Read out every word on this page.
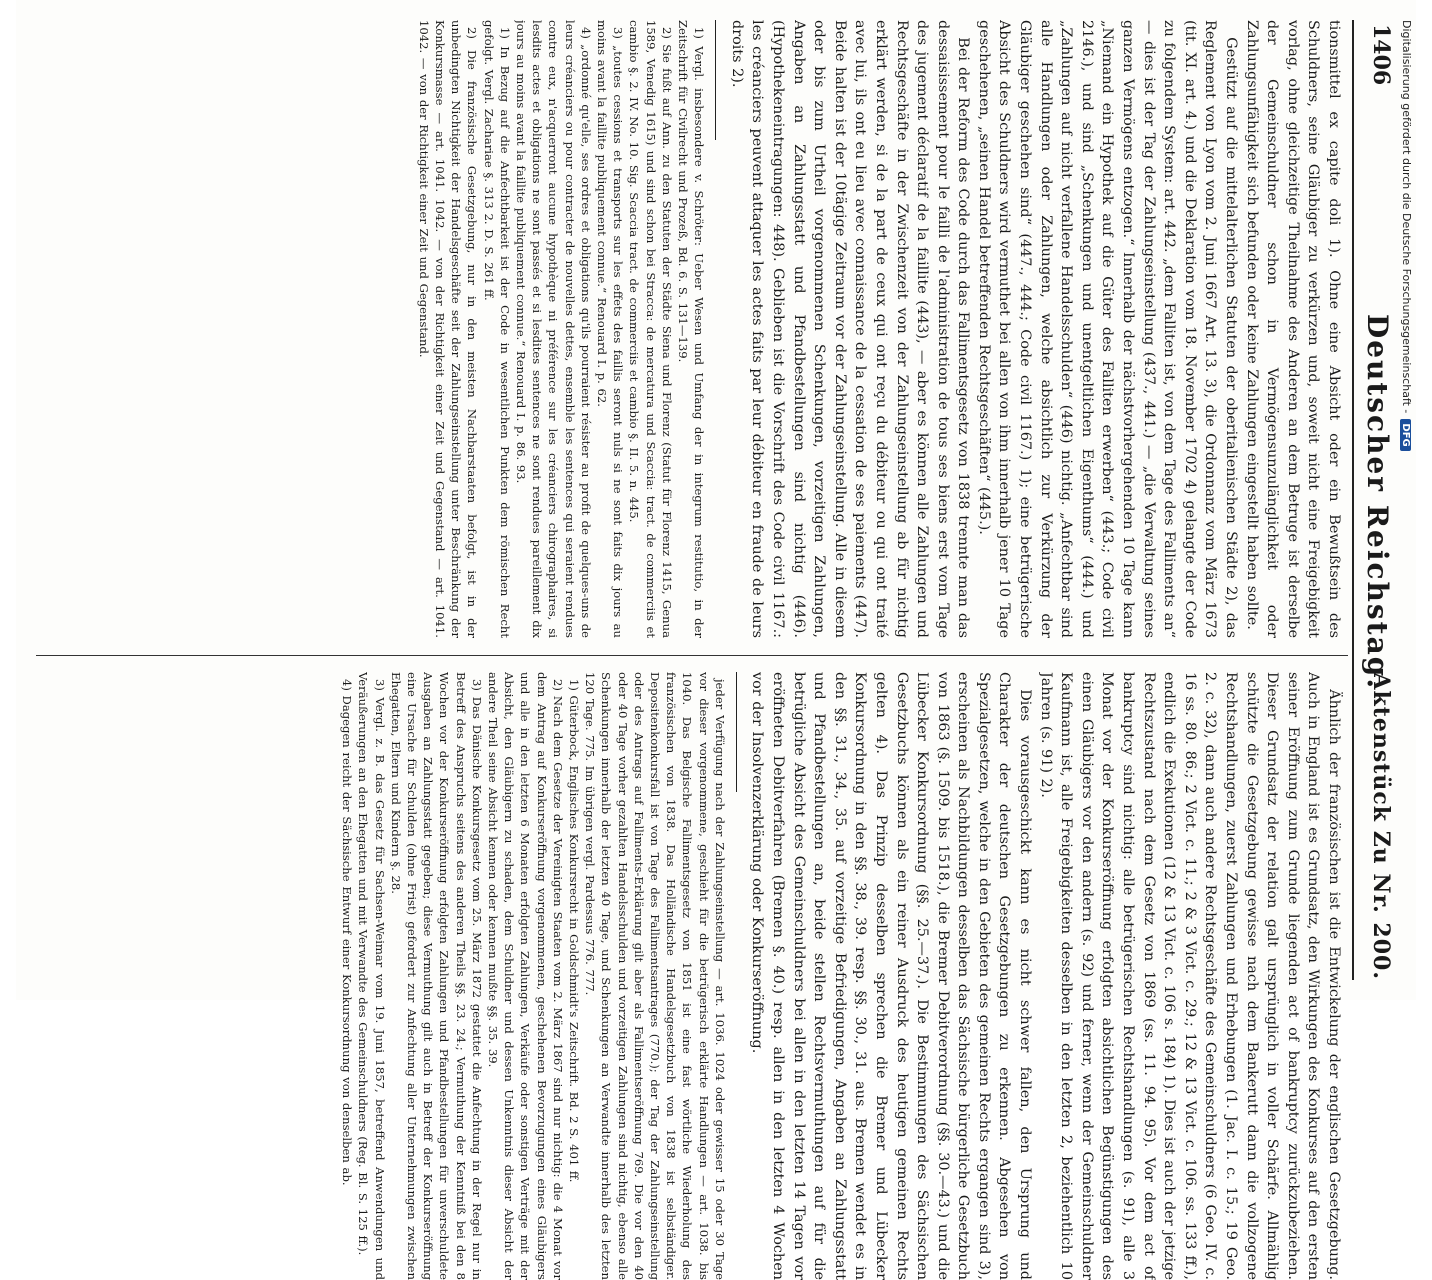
1406
Deutscher Reichstag.
Aktenstück Zu Nr. 200.

tionsmittel ex capite doli 1). Ohne eine Absicht oder ein Bewußtsein des Schuldners, seine Gläubiger zu verkürzen und, soweit nicht eine Freigebigkeit vorlag, ohne gleichzeitige Theilnahme des Anderen an dem Betruge ist derselbe der Gemeinschuldner schon in Vermögensunzulänglichkeit oder Zahlungsunfähigkeit sich befunden oder keine Zahlungen eingestellt haben sollte.

Gestützt auf die mittelalterlichen Statuten der oberitalienischen Städte 2), das Reglement von Lyon vom 2. Juni 1667 Art. 13. 3), die Ordonnanz vom März 1673 (tit. XI. art. 4.) und die Deklaration vom 18. November 1702 4) gelangte der Code zu folgendem System: art. 442. „dem Falliten ist, von dem Tage des Falliments an“ — dies ist der Tag der Zahlungseinstellung (437., 441.) — „die Verwaltung seines ganzen Vermögens entzogen.“ Innerhalb der nächstvorhergehenden 10 Tage kann „Niemand ein Hypothek auf die Güter des Falliten erwerben“ (443.; Code civil 2146.), und sind „Schenkungen und unentgeltlichen Eigenthums“ (444.) und „Zahlungen auf nicht verfallene Handelsschulden“ (446) nichtig. „Anfechtbar sind alle Handlungen oder Zahlungen, welche absichtlich zur Verkürzung der Gläubiger geschehen sind“ (447., 444.; Code civil 1167.) 1); eine betrügerische Absicht des Schuldners wird vermuthet bei allen von ihm innerhalb jener 10 Tage geschehenen, „seinen Handel betreffenden Rechtsgeschäften“ (445.).

Bei der Reform des Code durch das Fallimentsgesetz von 1838 trennte man das dessaisissement pour le failli de l'administration de tous ses biens erst vom Tage des jugement déclaratif de la faillite (443), — aber es können alle Zahlungen und Rechtsgeschäfte in der Zwischenzeit von der Zahlungseinstellung ab für nichtig erklärt werden, si de la part de ceux qui ont reçu du débiteur ou qui ont traité avec lui, ils ont eu lieu avec connaissance de la cessation de ses paiements (447). Beide halten ist der 10tägige Zeitraum vor der Zahlungseinstellung. Alle in diesem oder bis zum Urtheil vorgenommenen Schenkungen, vorzeitigen Zahlungen, Angaben an Zahlungsstatt und Pfandbestellungen sind nichtig (446). (Hypothekeneintragungen: 448). Geblieben ist die Vorschrift des Code civil 1167.: les créanciers peuvent attaquer les actes faits par leur débiteur en fraude de leurs droits 2).

1) Vergl. insbesondere v. Schröter: Ueber Wesen und Umfang der in integrum restitutio, in der Zeitschrift für Civilrecht und Prozeß, Bd. 6. S. 131—139.

2) Sie fußt auf Ann. zu den Statuten der Städte Siena und Florenz (Statut für Florenz 1415, Genua 1589, Venedig 1615) und sind schon bei Stracca: de mercatura und Scaccia: tract. de commerciis et cambio §. 2. IV. No. 10. Sig. Scaccia tract. de commerciis et cambio §. II. 5. n. 445.

3) „toutes cessions et transports sur les effets des faillis seront nuls si ne sont faits dix jours au moins avant la faillite publiquement connue.“ Renouard I. p. 62.

4) „ordonné qu'elle, ses ordres et obligations qu'ils pourraient résister au profit de quelques-uns de leurs créanciers ou pour contracter de nouvelles dettes, ensemble les sentences qui seraient rendues contre eux, n'acquerront aucune hypothèque ni préférence sur les créanciers chirographaires, si lesdits actes et obligations ne sont passés et si lesdites sentences ne sont rendues pareillement dix jours au moins avant la faillite publiquement connue.“ Renouard I. p. 86. 93.

1) In Bezug auf die Anfechtbarkeit ist der Code in wesentlichen Punkten dem römischen Recht gefolgt. Vergl. Zachariae §. 313 2. D. S. 261 ff.

2) Die französische Gesetzgebung, nur in den meisten Nachbarstaaten befolgt, ist in der unbedingten Nichtigkeit der Handelsgeschäfte seit der Zahlungseinstellung unter Beschränkung der Konkursmasse — art. 1041. 1042. — von der Richtigkeit einer Zeit und Gegenstand — art. 1041. 1042. — von der Richtigkeit einer Zeit und Gegenstand.

Ähnlich der französischen ist die Entwickelung der englischen Gesetzgebung. Auch in England ist es Grundsatz, den Wirkungen des Konkurses auf den ersten seiner Eröffnung zum Grunde liegenden act of bankruptcy zurückzubeziehen. Dieser Grundsatz der relation galt ursprünglich in voller Schärfe. Allmählig schützte die Gesetzgebung gewisse nach dem Bankerutt dann die vollzogene Rechtshandlungen, zuerst Zahlungen und Erhebungen (1. Jac. I. c. 15.; 19 Geo. 2. c. 32), dann auch andere Rechtsgeschäfte des Gemeinschuldners (6 Geo. IV. c. 16 ss. 80. 86.; 2 Vict. c. 11.; 2 & 3 Vict. c. 29.; 12 & 13 Vict. c. 106. ss. 133 ff.), endlich die Exekutionen (12 & 13 Vict. c. 106 s. 184) 1). Dies ist auch der jetzige Rechtszustand nach dem Gesetz von 1869 (ss. 11. 94. 95). Vor dem act of bankruptcy sind nichtig: alle betrügerischen Rechtshandlungen (s. 91), alle 3 Monat vor der Konkurseröffnung erfolgten absichtlichen Begünstigungen des einen Gläubigers vor den andern (s. 92) und ferner, wenn der Gemeinschuldner Kaufmann ist, alle Freigebigkeiten desselben in den letzten 2, beziehentlich 10 Jahren (s. 91) 2).

Dies vorausgeschickt kann es nicht schwer fallen, den Ursprung und Charakter der deutschen Gesetzgebungen zu erkennen. Abgesehen von Spezialgesetzen, welche in den Gebieten des gemeinen Rechts ergangen sind 3), erscheinen als Nachbildungen desselben das Sächsische bürgerliche Gesetzbuch von 1863 (§. 1509. bis 1518.), die Bremer Debitverordnung (§§. 30.—43.) und die Lübecker Konkursordnung (§§. 25.—37.). Die Bestimmungen des Sächsischen Gesetzbuchs können als ein reiner Ausdruck des heutigen gemeinen Rechts gelten 4). Das Prinzip desselben sprechen die Bremer und Lübecker Konkursordnung in den §§. 38., 39. resp. §§. 30., 31. aus. Bremen wendet es in den §§. 31., 34., 35. auf vorzeitige Befriedigungen, Angaben an Zahlungsstatt und Pfandbestellungen an, beide stellen Rechtsvermuthungen auf für die betrügliche Absicht des Gemeinschuldners bei allen in den letzten 14 Tagen vor eröffneten Debitverfahren (Bremen §. 40.) resp. allen in den letzten 4 Wochen vor der Insolvenzerklärung oder Konkurseröffnung.

jeder Verfügung nach der Zahlungseinstellung — art. 1036. 1024 oder gewisser 15 oder 30 Tage vor dieser vorgenommene, geschieht für die betrügerisch erklärte Handlungen — art. 1038. bis 1040. Das Belgische Fallimentsgesetz von 1851 ist eine fast wörtliche Wiederholung des französischen von 1838. Das Holländische Handelsgesetzbuch von 1838 ist selbständiger. Depositenkonkursfall ist von Tage des Fallimentsantrages (770.); der Tag der Zahlungseinstellung oder des Antrags auf Falliments-Erklärung gilt aber als Fallimentseröffnung 769. Die vor den 40 oder 40 Tage vorher gezahlten Handelsschulden und vorzeitigen Zahlungen sind nichtig, ebenso alle Schenkungen innerhalb der letzten 40 Tage, und Schenkungen an Verwandte innerhalb des letzten 120 Tage. 775. Im übrigen vergl. Pardessus 776. 777.

1) Güterbock, Englisches Konkursrecht in Goldschmidt's Zeitschrift. Bd. 2 S. 401 ff.

2) Nach dem Gesetze der Vereinigten Staaten vom 2. März 1867 sind nur nichtig: die 4 Monat vor dem Antrag auf Konkurseröffnung vorgenommenen, geschehenen Bevorzugungen eines Gläubigers und alle in den letzten 6 Monaten erfolgten Zahlungen, Verkäufe oder sonstigen Verträge mit der Absicht, den Gläubigern zu schaden, dem Schuldner und dessen Unkenntnis dieser Absicht der andere Theil seine Absicht kennen oder kennen mußte §§. 35. 39.

3) Das Dänische Konkursgesetz vom 25. März 1872 gestattet die Anfechtung in der Regel nur in Betreff des Anspruchs seitens des anderen Theils §§. 23. 24.; Vermuthung der Kenntniß bei den 8 Wochen vor der Konkurseröffnung erfolgten Zahlungen und Pfandbestellungen für unverschuldete Ausgaben an Zahlungsstatt gegeben; diese Vermuthung gilt auch in Betreff der Konkurseröffnung eine Ursache für Schulden (ohne Frist) gefordert zur Anfechtung aller Unternehmungen zwischen Ehegatten, Eltern und Kindern §. 28.

3) Vergl. z. B. das Gesetz für Sachsen-Weimar vom 19. Juni 1857, betreffend Anwendungen und Veräußerungen an den Ehegatten und mit Verwandte des Gemeinschuldners (Reg. Bl. S. 125 ff.).

4) Dagegen reicht der Sächsische Entwurf einer Konkursordnung von denselben ab.

Digitalisierung gefördert durch die Deutsche Forschungsgemeinschaft -DFG
